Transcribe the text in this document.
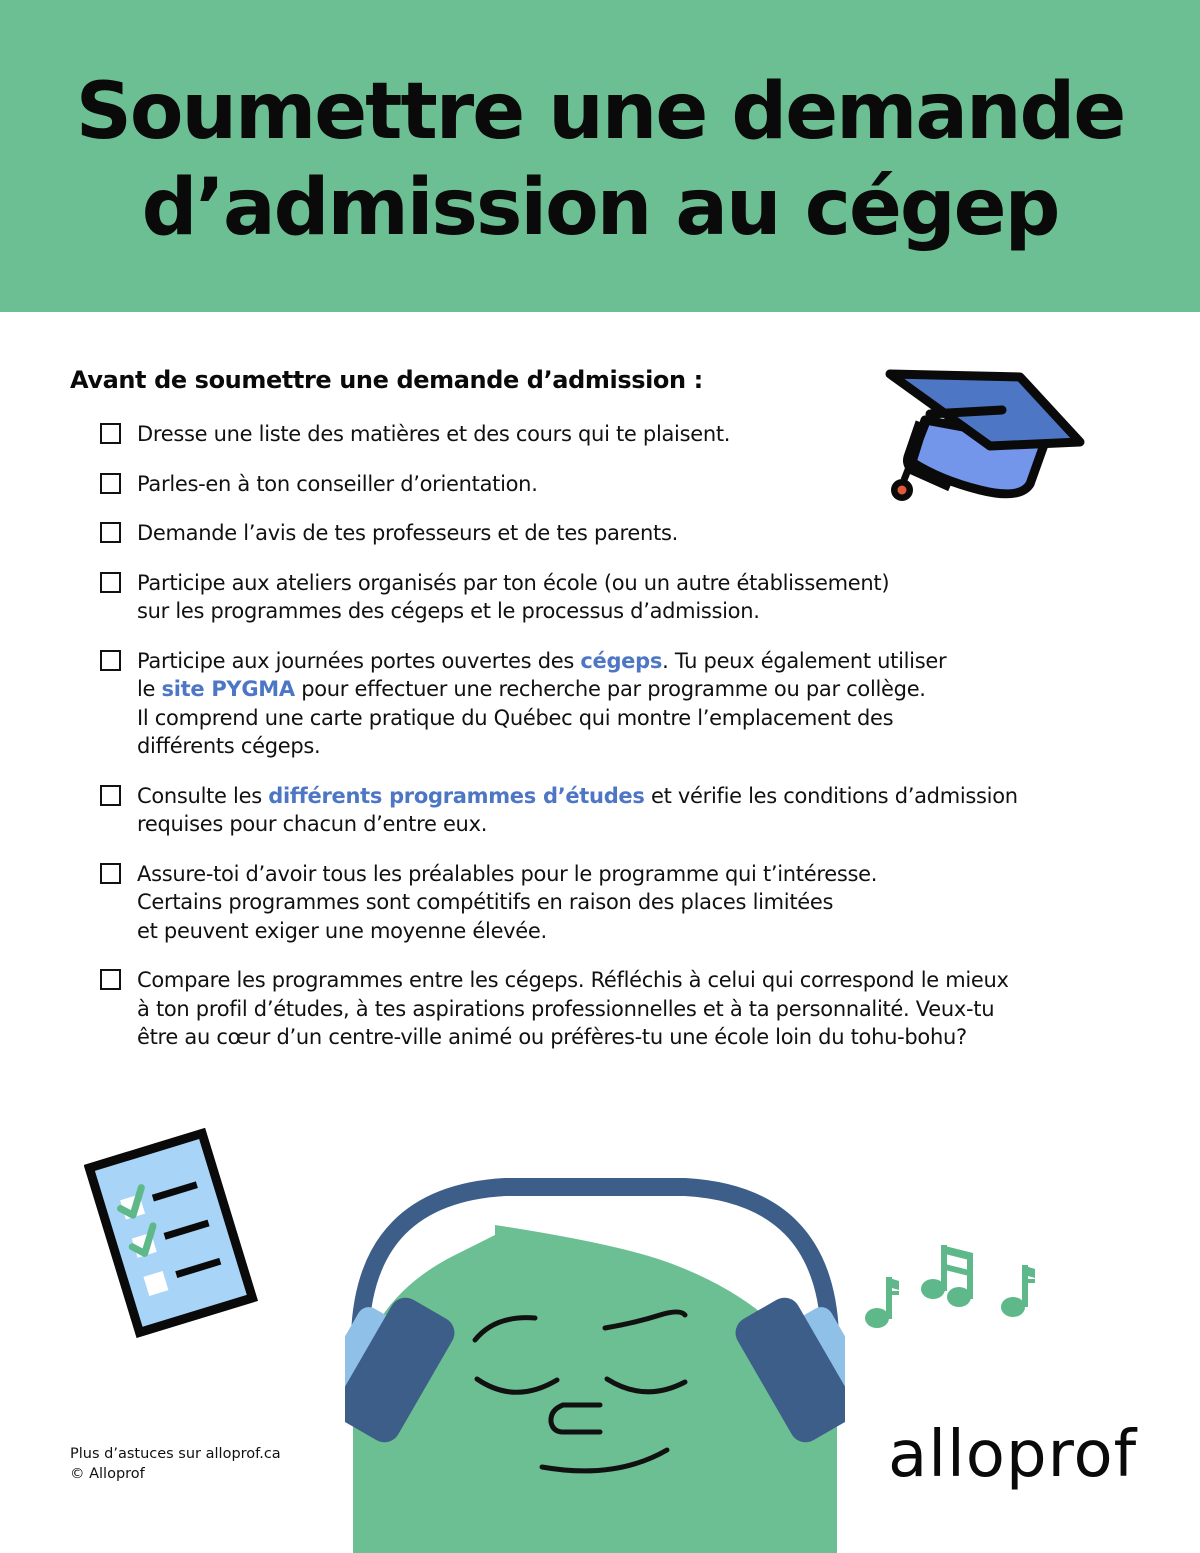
Soumettre une demande
d’admission au cégep
Avant de soumettre une demande d’admission :
Dresse une liste des matières et des cours qui te plaisent.
Parles-en à ton conseiller d’orientation.
Demande l’avis de tes professeurs et de tes parents.
Participe aux ateliers organisés par ton école (ou un autre établissement)
sur les programmes des cégeps et le processus d’admission.
Participe aux journées portes ouvertes des cégeps. Tu peux également utiliser
le site PYGMA pour effectuer une recherche par programme ou par collège.
Il comprend une carte pratique du Québec qui montre l’emplacement des
différents cégeps.
Consulte les différents programmes d’études et vérifie les conditions d’admission
requises pour chacun d’entre eux.
Assure-toi d’avoir tous les préalables pour le programme qui t’intéresse.
Certains programmes sont compétitifs en raison des places limitées
et peuvent exiger une moyenne élevée.
Compare les programmes entre les cégeps. Réfléchis à celui qui correspond le mieux
à ton profil d’études, à tes aspirations professionnelles et à ta personnalité. Veux-tu
être au cœur d’un centre-ville animé ou préfères-tu une école loin du tohu-bohu?
Plus d’astuces sur alloprof.ca
© Alloprof	alloprof
